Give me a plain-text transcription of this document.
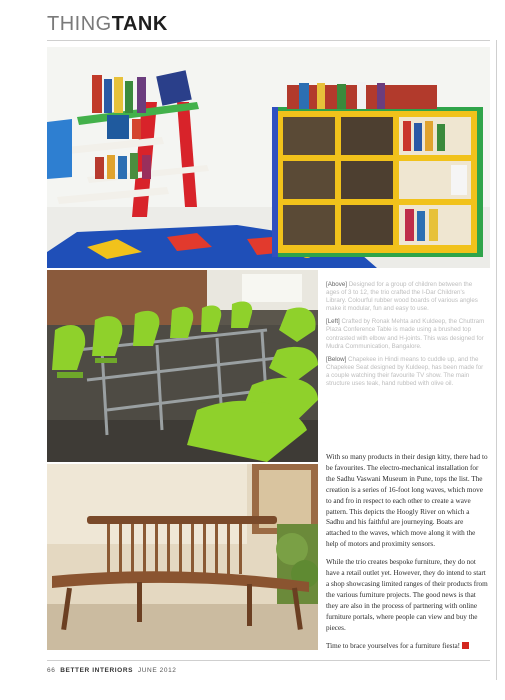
THINGTANK

[Above] Designed for a group of children between the ages of 3 to 12, the trio crafted the I-Dar Children's Library. Colourful rubber wood boards of various angles make it modular, fun and easy to use.

[Left] Crafted by Ronak Mehta and Kuldeep, the Chuttram Plaza Conference Table is made using a brushed top contrasted with elbow and H-joints. This was designed for Mudra Communication, Bangalore.

[Below] Chapekee in Hindi means to cuddle up, and the Chapekee Seat designed by Kuldeep, has been made for a couple watching their favourite TV show. The main structure uses teak, hand rubbed with olive oil.

With so many products in their design kitty, there had to be favourites. The electro-mechanical installation for the Sadhu Vaswani Museum in Pune, tops the list. The creation is a series of 16-foot long waves, which move to and fro in respect to each other to create a wave pattern. This depicts the Hoogly River on which a Sadhu and his faithful are journeying. Boats are attached to the waves, which move along it with the help of motors and proximity sensors.

While the trio creates bespoke furniture, they do not have a retail outlet yet. However, they do intend to start a shop showcasing limited ranges of their products from the various furniture projects. The good news is that they are also in the process of partnering with online furniture portals, where people can view and buy the pieces.

Time to brace yourselves for a furniture fiesta!

66 BETTER INTERIORS JUNE 2012
